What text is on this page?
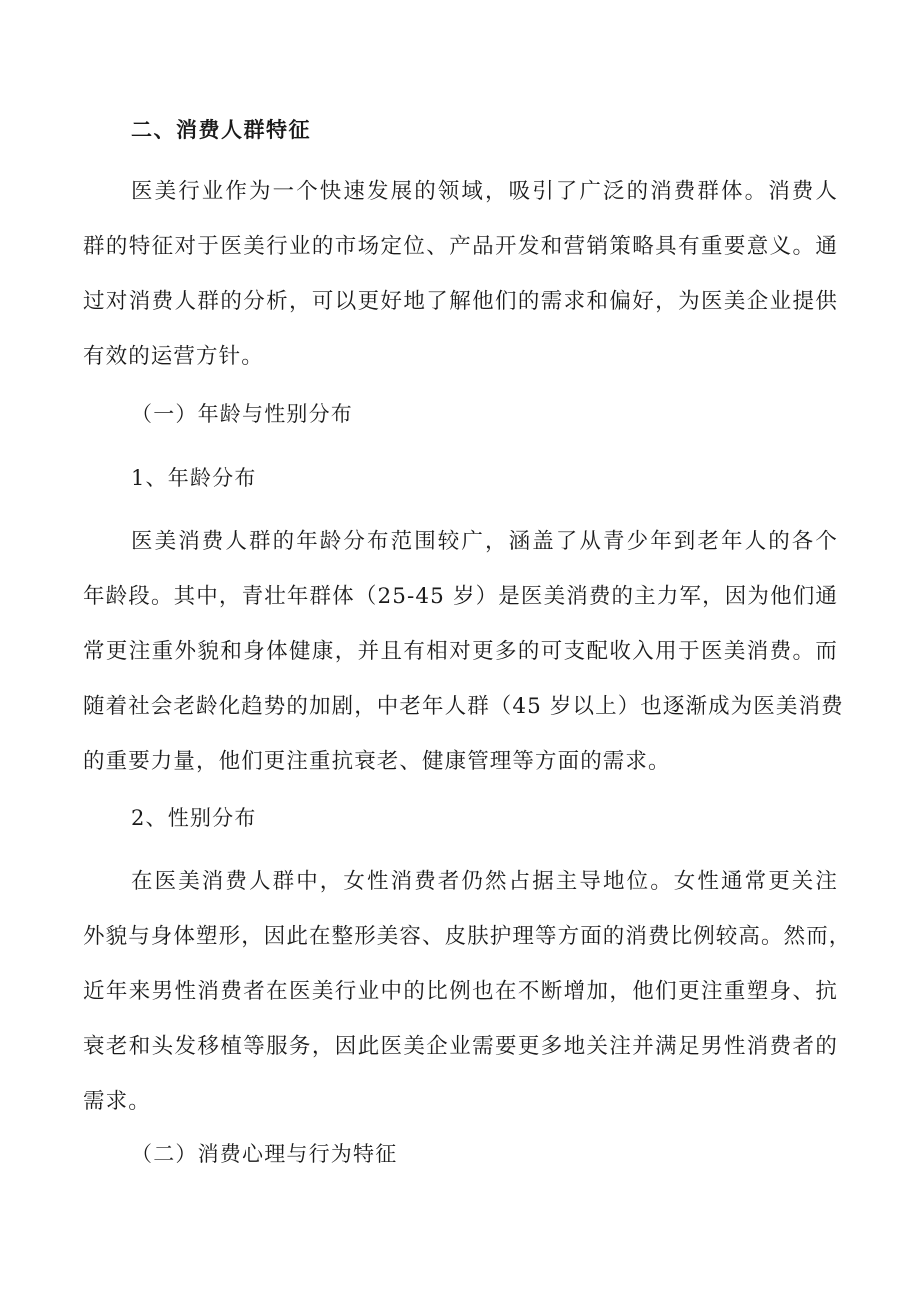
二、消费人群特征
医美行业作为一个快速发展的领域，吸引了广泛的消费群体。消费人
群的特征对于医美行业的市场定位、产品开发和营销策略具有重要意义。通
过对消费人群的分析，可以更好地了解他们的需求和偏好，为医美企业提供
有效的运营方针。
（一）年龄与性别分布
1、年龄分布
医美消费人群的年龄分布范围较广，涵盖了从青少年到老年人的各个
年龄段。其中，青壮年群体（25-45 岁）是医美消费的主力军，因为他们通
常更注重外貌和身体健康，并且有相对更多的可支配收入用于医美消费。而
随着社会老龄化趋势的加剧，中老年人群（45 岁以上）也逐渐成为医美消费
的重要力量，他们更注重抗衰老、健康管理等方面的需求。
2、性别分布
在医美消费人群中，女性消费者仍然占据主导地位。女性通常更关注
外貌与身体塑形，因此在整形美容、皮肤护理等方面的消费比例较高。然而，
近年来男性消费者在医美行业中的比例也在不断增加，他们更注重塑身、抗
衰老和头发移植等服务，因此医美企业需要更多地关注并满足男性消费者的
需求。
（二）消费心理与行为特征
